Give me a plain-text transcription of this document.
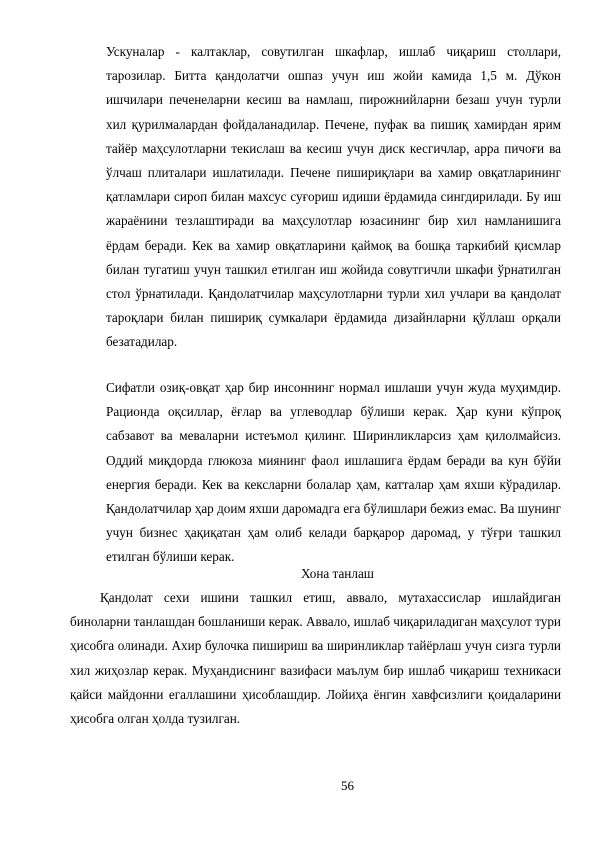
Ускуналар - калтаклар, совутилган шкафлар, ишлаб чиқариш столлари, тарозилар. Битта қандолатчи ошпаз учун иш жойи камида 1,5 м. Дўкон ишчилари печенеларни кесиш ва намлаш, пирожнийларни безаш учун турли хил қурилмалардан фойдаланадилар. Печене, пуфак ва пишиқ хамирдан ярим тайёр маҳсулотларни текислаш ва кесиш учун диск кесгичлар, арра пичоғи ва ўлчаш плиталари ишлатилади. Печене пишириқлари ва хамир овқатларининг қатламлари сироп билан махсус суғориш идиши ёрдамида сингдирилади. Бу иш жараёнини тезлаштиради ва маҳсулотлар юзасининг бир хил намланишига ёрдам беради. Кек ва хамир овқатларини қаймоқ ва бошқа таркибий қисмлар билан тугатиш учун ташкил етилган иш жойида совутгичли шкафи ўрнатилган стол ўрнатилади. Қандолатчилар маҳсулотларни турли хил учлари ва қандолат тароқлари билан пишириқ сумкалари ёрдамида дизайнларни қўллаш орқали безатадилар.

Сифатли озиқ-овқат ҳар бир инсоннинг нормал ишлаши учун жуда муҳимдир. Рационда оқсиллар, ёғлар ва углеводлар бўлиши керак. Ҳар куни кўпроқ сабзавот ва меваларни истеъмол қилинг. Ширинликларсиз ҳам қилолмайсиз. Оддий миқдорда глюкоза миянинг фаол ишлашига ёрдам беради ва кун бўйи енергия беради. Кек ва кексларни болалар ҳам, катталар ҳам яхши кўрадилар. Қандолатчилар ҳар доим яхши даромадга ега бўлишлари бежиз емас. Ва шунинг учун бизнес ҳақиқатан ҳам олиб келади барқарор даромад, у тўғри ташкил етилган бўлиши керак.

Хона танлаш

Қандолат сехи ишини ташкил етиш, аввало, мутахассислар ишлайдиган биноларни танлашдан бошланиши керак. Аввало, ишлаб чиқариладиган маҳсулот тури ҳисобга олинади. Ахир булочка пишириш ва ширинликлар тайёрлаш учун сизга турли хил жиҳозлар керак. Муҳандиснинг вазифаси маълум бир ишлаб чиқариш техникаси қайси майдонни егаллашини ҳисоблашдир. Лойиҳа ёнгин хавфсизлиги қоидаларини ҳисобга олган ҳолда тузилган.

56
